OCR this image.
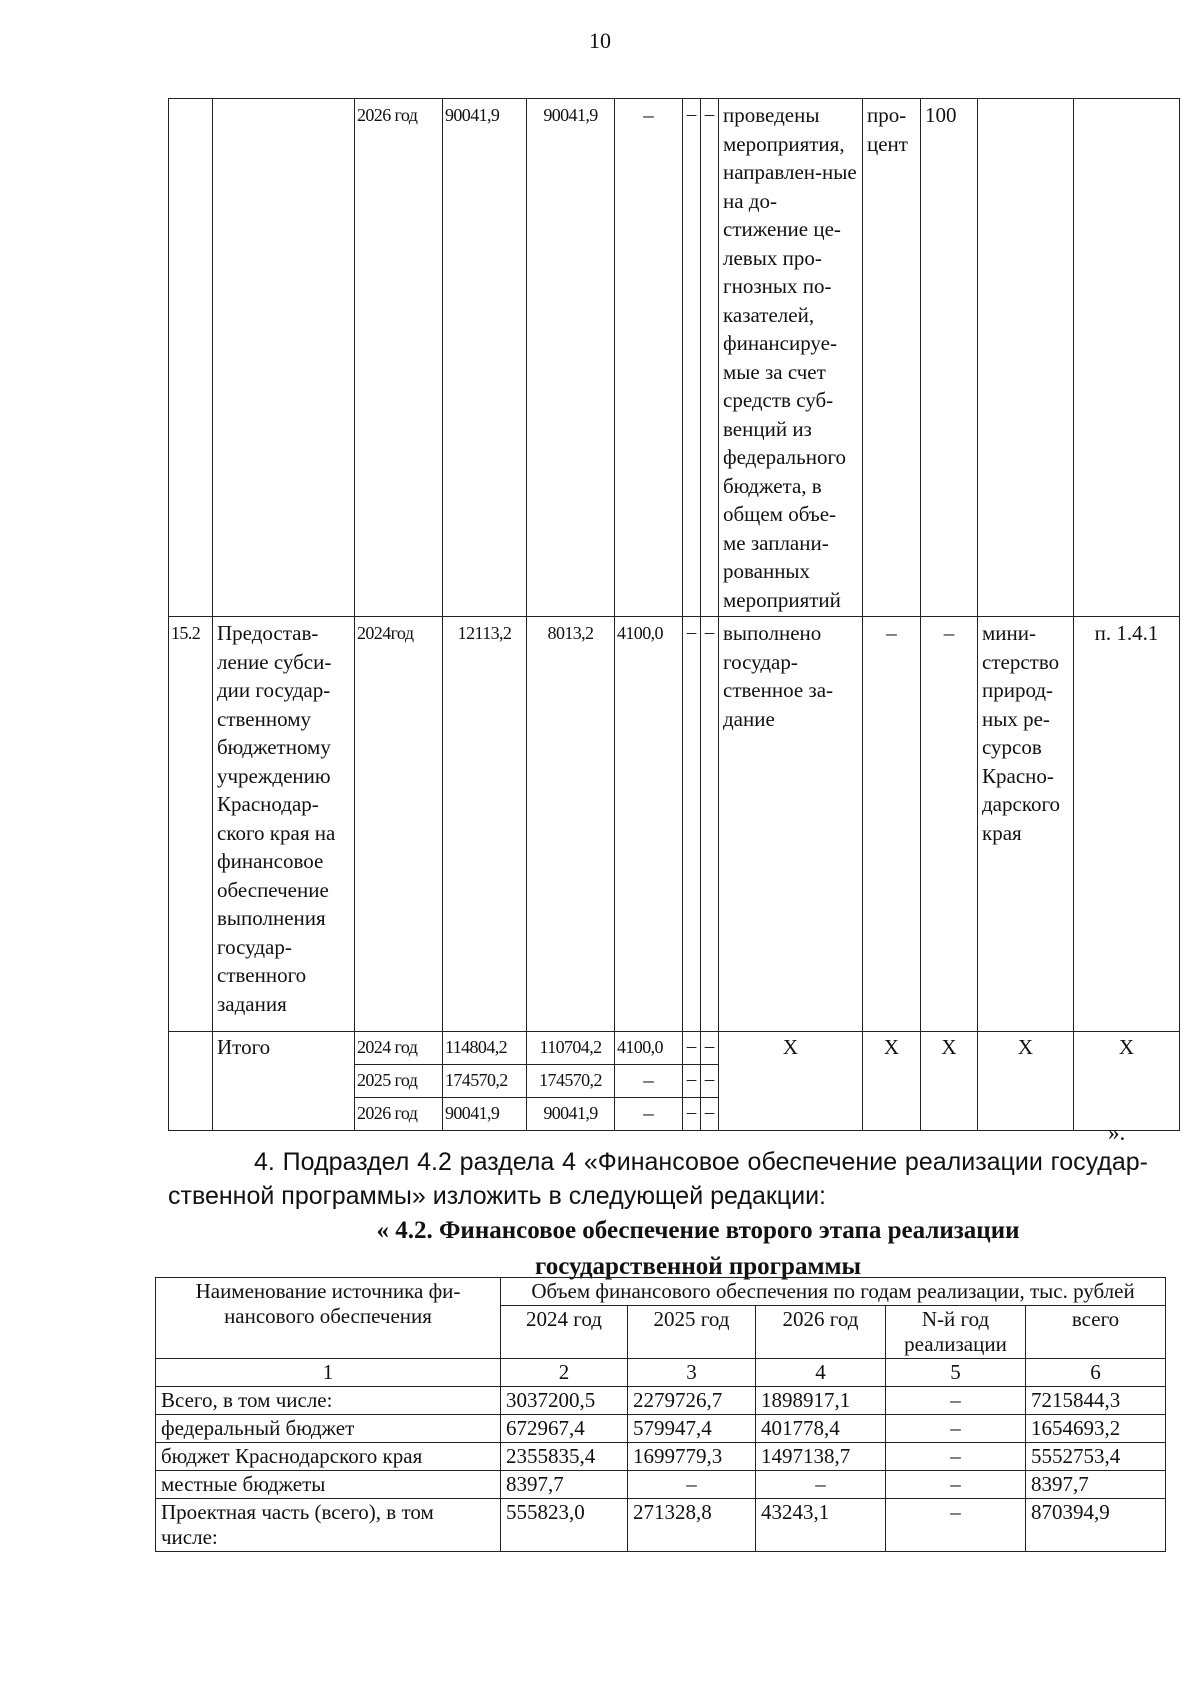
10
		2026 год	90041,9	90041,9	–	–	–	проведены мероприятия, направлен-ные на до-стижение це-левых про-гнозных по-казателей, финансируе-мые за счет средств суб-венций из федерального бюджета, в общем объе-ме заплани-рованных мероприятий	про-цент	100		
15.2	Предостав-ление субси-дии государ-ственному бюджетному учреждению Краснодар-ского края на финансовое обеспечение выполнения государ-ственного задания	2024год	12113,2	8013,2	4100,0	–	–	выполнено государ-ственное за-дание	–	–	мини-стерство природ-ных ре-сурсов Красно-дарского края	п. 1.4.1
	Итого	2024 год	114804,2	110704,2	4100,0	–	–	X	X	X	X	X
		2025 год	174570,2	174570,2	–	–	–					
		2026 год	90041,9	90041,9	–	–	–					
».
4. Подраздел 4.2 раздела 4 «Финансовое обеспечение реализации государ-ственной программы» изложить в следующей редакции:
« 4.2. Финансовое обеспечение второго этапа реализации
государственной программы
Наименование источника фи-нансового обеспечения	Объем финансового обеспечения по годам реализации, тыс. рублей				
	2024 год	2025 год	2026 год	N-й год реализации	всего
1	2	3	4	5	6
Всего, в том числе:	3037200,5	2279726,7	1898917,1	–	7215844,3
федеральный бюджет	672967,4	579947,4	401778,4	–	1654693,2
бюджет Краснодарского края	2355835,4	1699779,3	1497138,7	–	5552753,4
местные бюджеты	8397,7	–	–	–	8397,7
Проектная часть (всего), в том числе:	555823,0	271328,8	43243,1	–	870394,9
